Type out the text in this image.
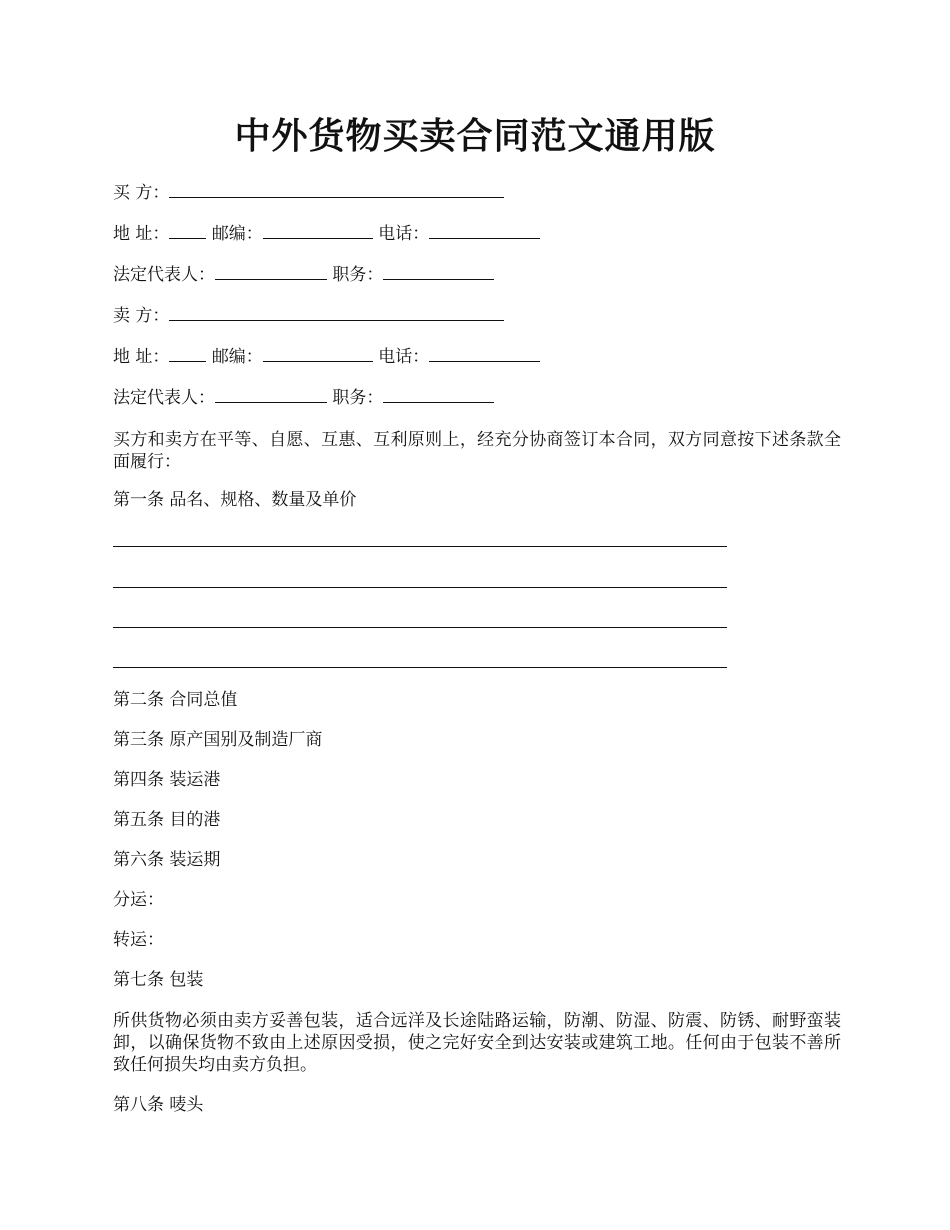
中外货物买卖合同范文通用版
买 方：
地 址： 邮编：	电话：
法定代表人：	职务：
卖 方：
地 址： 邮编：	电话：
法定代表人：	职务：
买方和卖方在平等、自愿、互惠、互利原则上，经充分协商签订本合同，双方同意按下述条款全面履行：
第一条 品名、规格、数量及单价
第二条 合同总值
第三条 原产国别及制造厂商
第四条 装运港
第五条 目的港
第六条 装运期
分运：
转运：
第七条 包装
所供货物必须由卖方妥善包装，适合远洋及长途陆路运输，防潮、防湿、防震、防锈、耐野蛮装卸，以确保货物不致由上述原因受损，使之完好安全到达安装或建筑工地。任何由于包装不善所致任何损失均由卖方负担。
第八条 唛头
